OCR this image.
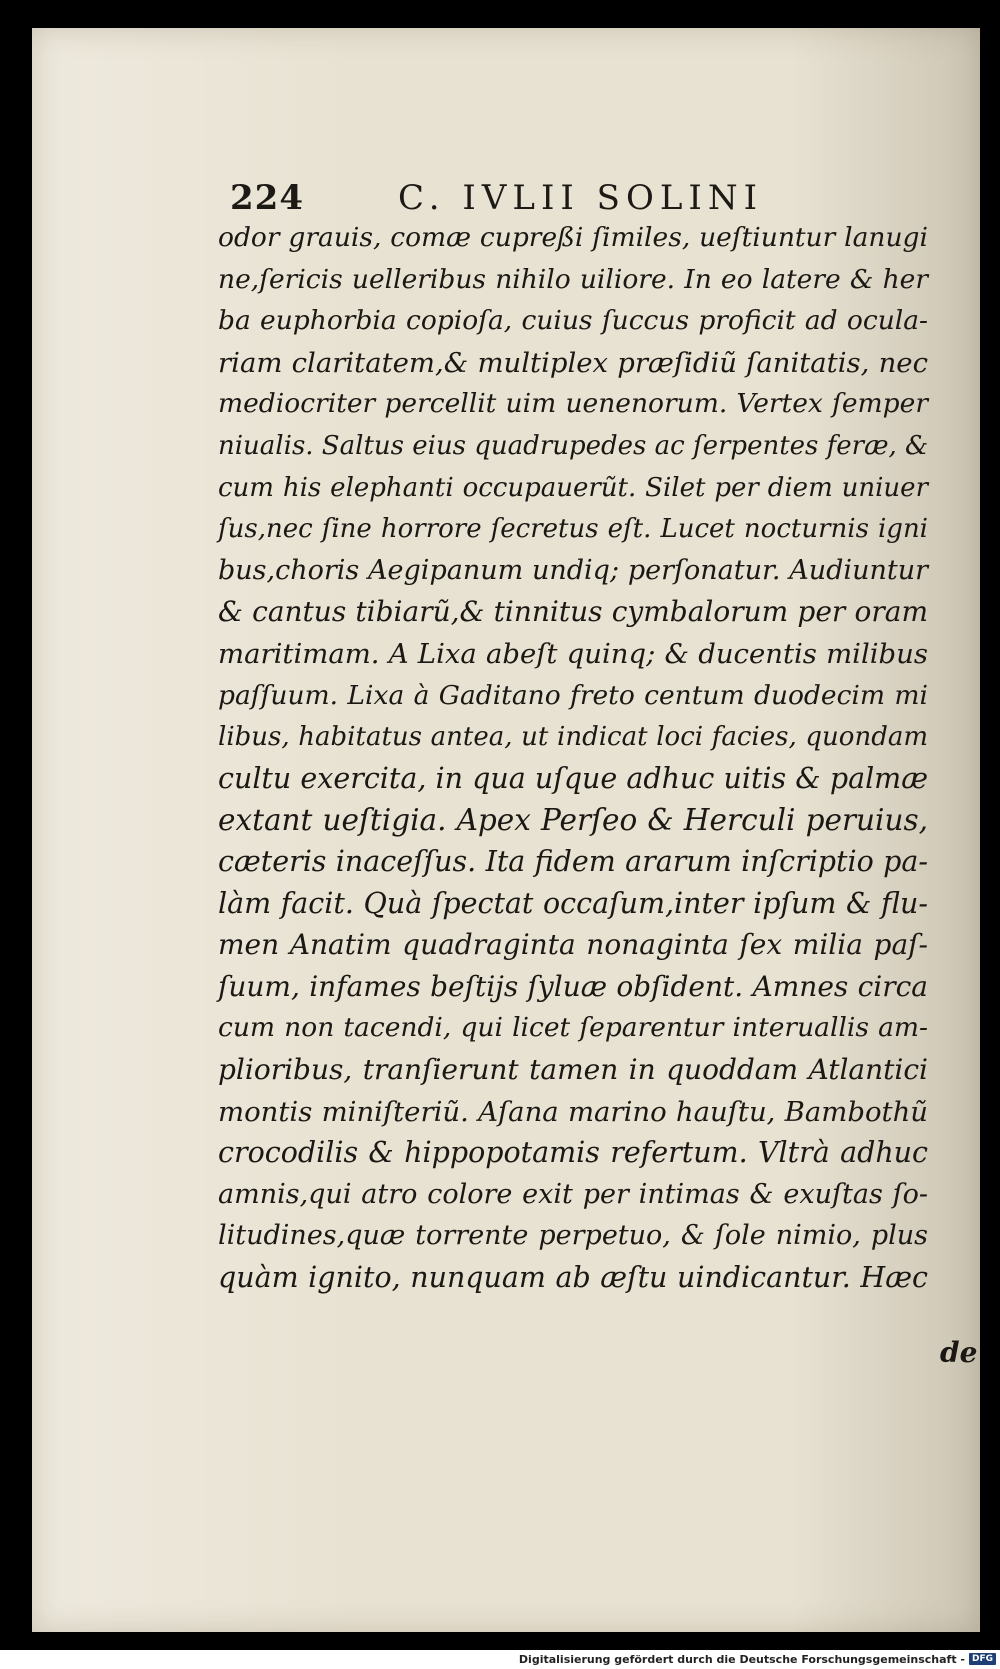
224	C. IVLII SOLINI
odor grauis, comæ cupreßi ſimiles, ueſtiuntur lanugi
ne,ſericis uelleribus nihilo uiliore. In eo latere & her
ba euphorbia copioſa, cuius ſuccus proficit ad ocula-
riam claritatem,& multiplex præſidiũ ſanitatis, nec
mediocriter percellit uim uenenorum. Vertex ſemper
niualis. Saltus eius quadrupedes ac ſerpentes feræ, &
cum his elephanti occupauerũt. Silet per diem uniuer
ſus,nec ſine horrore ſecretus eſt. Lucet nocturnis igni
bus,choris Aegipanum undiq; perſonatur. Audiuntur
& cantus tibiarũ,& tinnitus cymbalorum per oram
maritimam. A Lixa abeſt quinq; & ducentis milibus
paſſuum. Lixa à Gaditano freto centum duodecim mi
libus, habitatus antea, ut indicat loci facies, quondam
cultu exercita, in qua uſque adhuc uitis & palmæ
extant ueſtigia. Apex Perſeo & Herculi peruius,
cæteris inaceſſus. Ita fidem ararum inſcriptio pa-
làm facit. Quà ſpectat occaſum,inter ipſum & flu-
men Anatim quadraginta nonaginta ſex milia paſ-
ſuum, infames beſtijs ſyluæ obſident. Amnes circa
cum non tacendi, qui licet ſeparentur interuallis am-
plioribus, tranſierunt tamen in quoddam Atlantici
montis miniſteriũ. Aſana marino hauſtu, Bambothũ
crocodilis & hippopotamis refertum. Vltrà adhuc
amnis,qui atro colore exit per intimas & exuſtas ſo-
litudines,quæ torrente perpetuo, & ſole nimio, plus
quàm ignito, nunquam ab æſtu uindicantur. Hæc
de
Digitalisierung gefördert durch die Deutsche Forschungsgemeinschaft - DFG
